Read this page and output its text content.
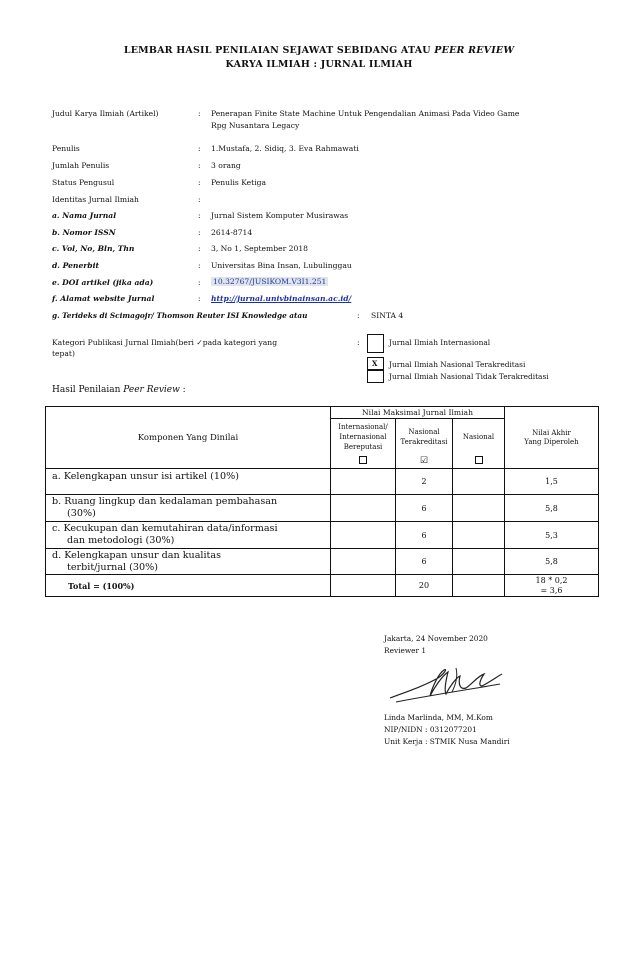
LEMBAR HASIL PENILAIAN SEJAWAT SEBIDANG ATAU PEER REVIEW
KARYA ILMIAH : JURNAL ILMIAH
Judul Karya Ilmiah (Artikel)	: Penerapan Finite State Machine Untuk Pengendalian Animasi Pada Video Game
Rpg Nusantara Legacy
Penulis	: 1.Mustafa, 2. Sidiq, 3. Eva Rahmawati
Jumlah Penulis	: 3 orang
Status Pengusul	: Penulis Ketiga
Identitas Jurnal Ilmiah	:
a. Nama Jurnal	: Jurnal Sistem Komputer Musirawas
b. Nomor ISSN	: 2614-8714
c. Vol, No, Bln, Thn	: 3, No 1, September 2018
d. Penerbit	: Universitas Bina Insan, Lubulinggau
e. DOI artikel (jika ada)	: 10.32767/JUSIKOM.V3I1.251
f. Alamat website Jurnal	: http://jurnal.univbinainsan.ac.id/
g. Terideks di Scimagojr/ Thomson Reuter ISI Knowledge atau	: SINTA 4
Kategori Publikasi Jurnal Ilmiah(beri ✓pada kategori yang
tepat)
:
X
Jurnal Ilmiah Internasional
Jurnal Ilmiah Nasional Terakreditasi
Jurnal Ilmiah Nasional Tidak Terakreditasi
Hasil Penilaian Peer Review :
Komponen Yang Dinilai	Nilai Maksimal Jurnal Ilmiah			Nilai Akhir Yang Diperoleh
	Internasional/ Internasional Bereputasi	Nasional Terakreditasi	Nasional	
		☑		
a. Kelengkapan unsur isi artikel (10%)		2		1,5
b. Ruang lingkup dan kedalaman pembahasan
(30%)		6		5,8
c. Kecukupan dan kemutahiran data/informasi
dan metodologi (30%)		6		5,3
d. Kelengkapan unsur dan kualitas
terbit/jurnal (30%)		6		5,8
Total = (100%)		20		18 * 0,2
= 3,6
Jakarta, 24 November 2020
Reviewer 1
Linda Marlinda, MM, M.Kom
NIP/NIDN : 0312077201
Unit Kerja : STMIK Nusa Mandiri
